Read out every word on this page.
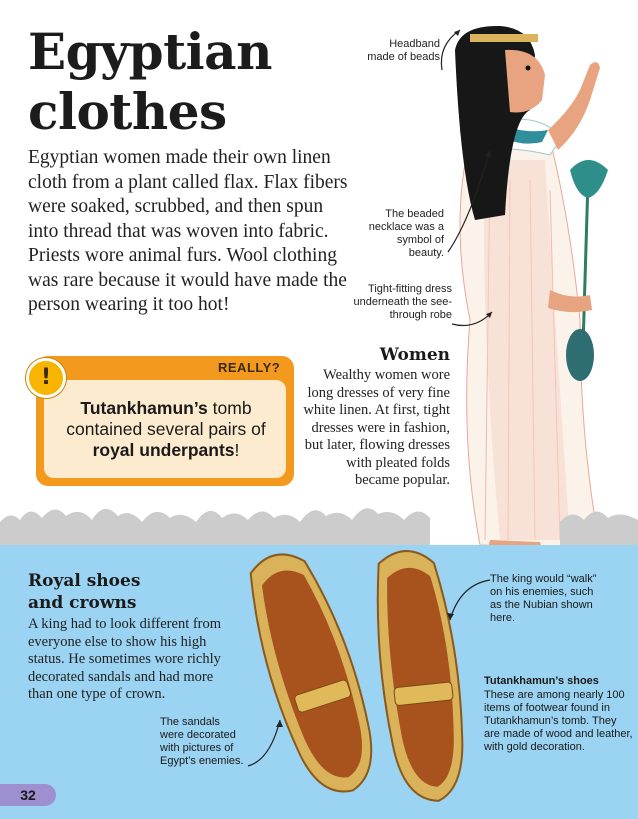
Egyptian
clothes
Egyptian women made their own linen cloth from a plant called flax. Flax fibers were soaked, scrubbed, and then spun into thread that was woven into fabric. Priests wore animal furs. Wool clothing was rare because it would have made the person wearing it too hot!
Headband made of beads
The beaded necklace was a symbol of beauty.
Tight-fitting dress underneath the see-through robe
Women
Wealthy women wore long dresses of very fine white linen. At first, tight dresses were in fashion, but later, flowing dresses with pleated folds became popular.
REALLY?
!
Tutankhamun’s tomb contained several pairs of royal underpants!
Royal shoes
and crowns
A king had to look different from everyone else to show his high status. He sometimes wore richly decorated sandals and had more than one type of crown.
The sandals were decorated with pictures of Egypt’s enemies.
The king would “walk” on his enemies, such as the Nubian shown here.
Tutankhamun’s shoes
These are among nearly 100 items of footwear found in Tutankhamun’s tomb. They are made of wood and leather, with gold decoration.
32
